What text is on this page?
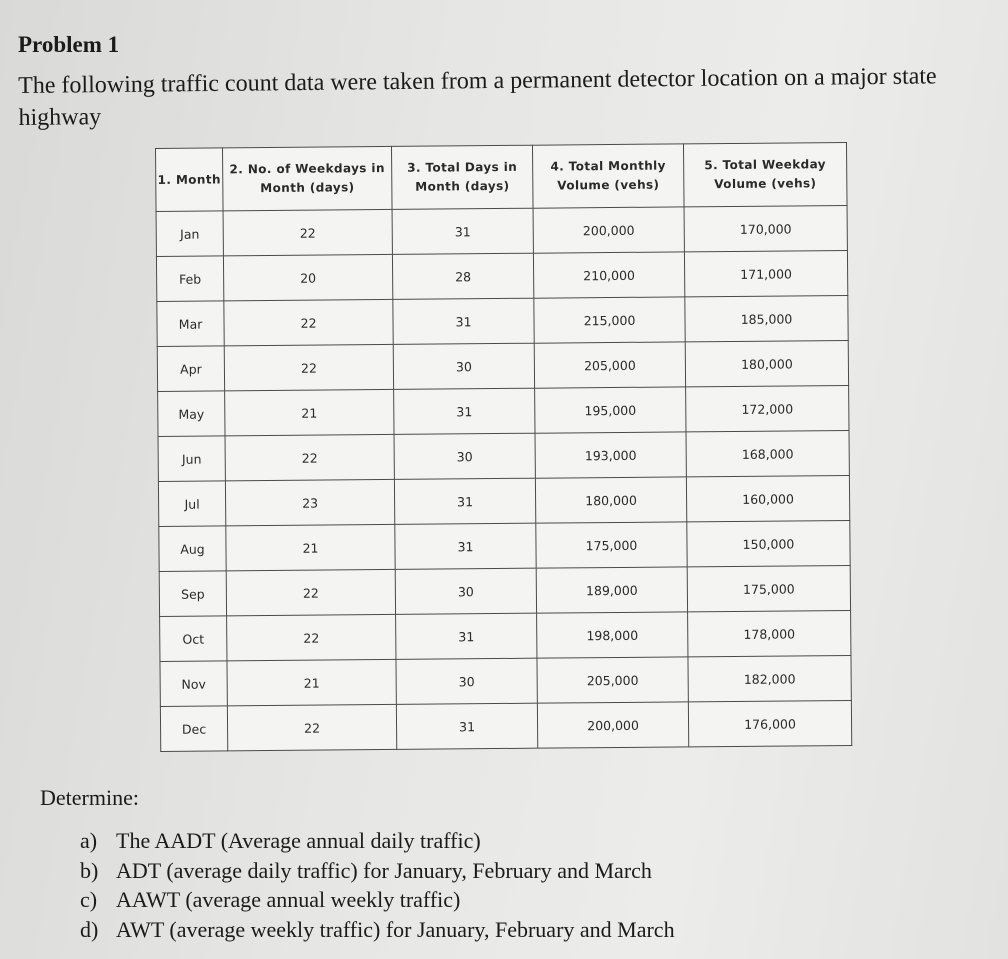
Problem 1
The following traffic count data were taken from a permanent detector location on a major state highway
1. Month	2. No. of Weekdays in Month (days)	3. Total Days in Month (days)	4. Total Monthly Volume (vehs)	5. Total Weekday Volume (vehs)
Jan	22	31	200,000	170,000
Feb	20	28	210,000	171,000
Mar	22	31	215,000	185,000
Apr	22	30	205,000	180,000
May	21	31	195,000	172,000
Jun	22	30	193,000	168,000
Jul	23	31	180,000	160,000
Aug	21	31	175,000	150,000
Sep	22	30	189,000	175,000
Oct	22	31	198,000	178,000
Nov	21	30	205,000	182,000
Dec	22	31	200,000	176,000
Determine:
a) The AADT (Average annual daily traffic)
b) ADT (average daily traffic) for January, February and March
c) AAWT (average annual weekly traffic)
d) AWT (average weekly traffic) for January, February and March
